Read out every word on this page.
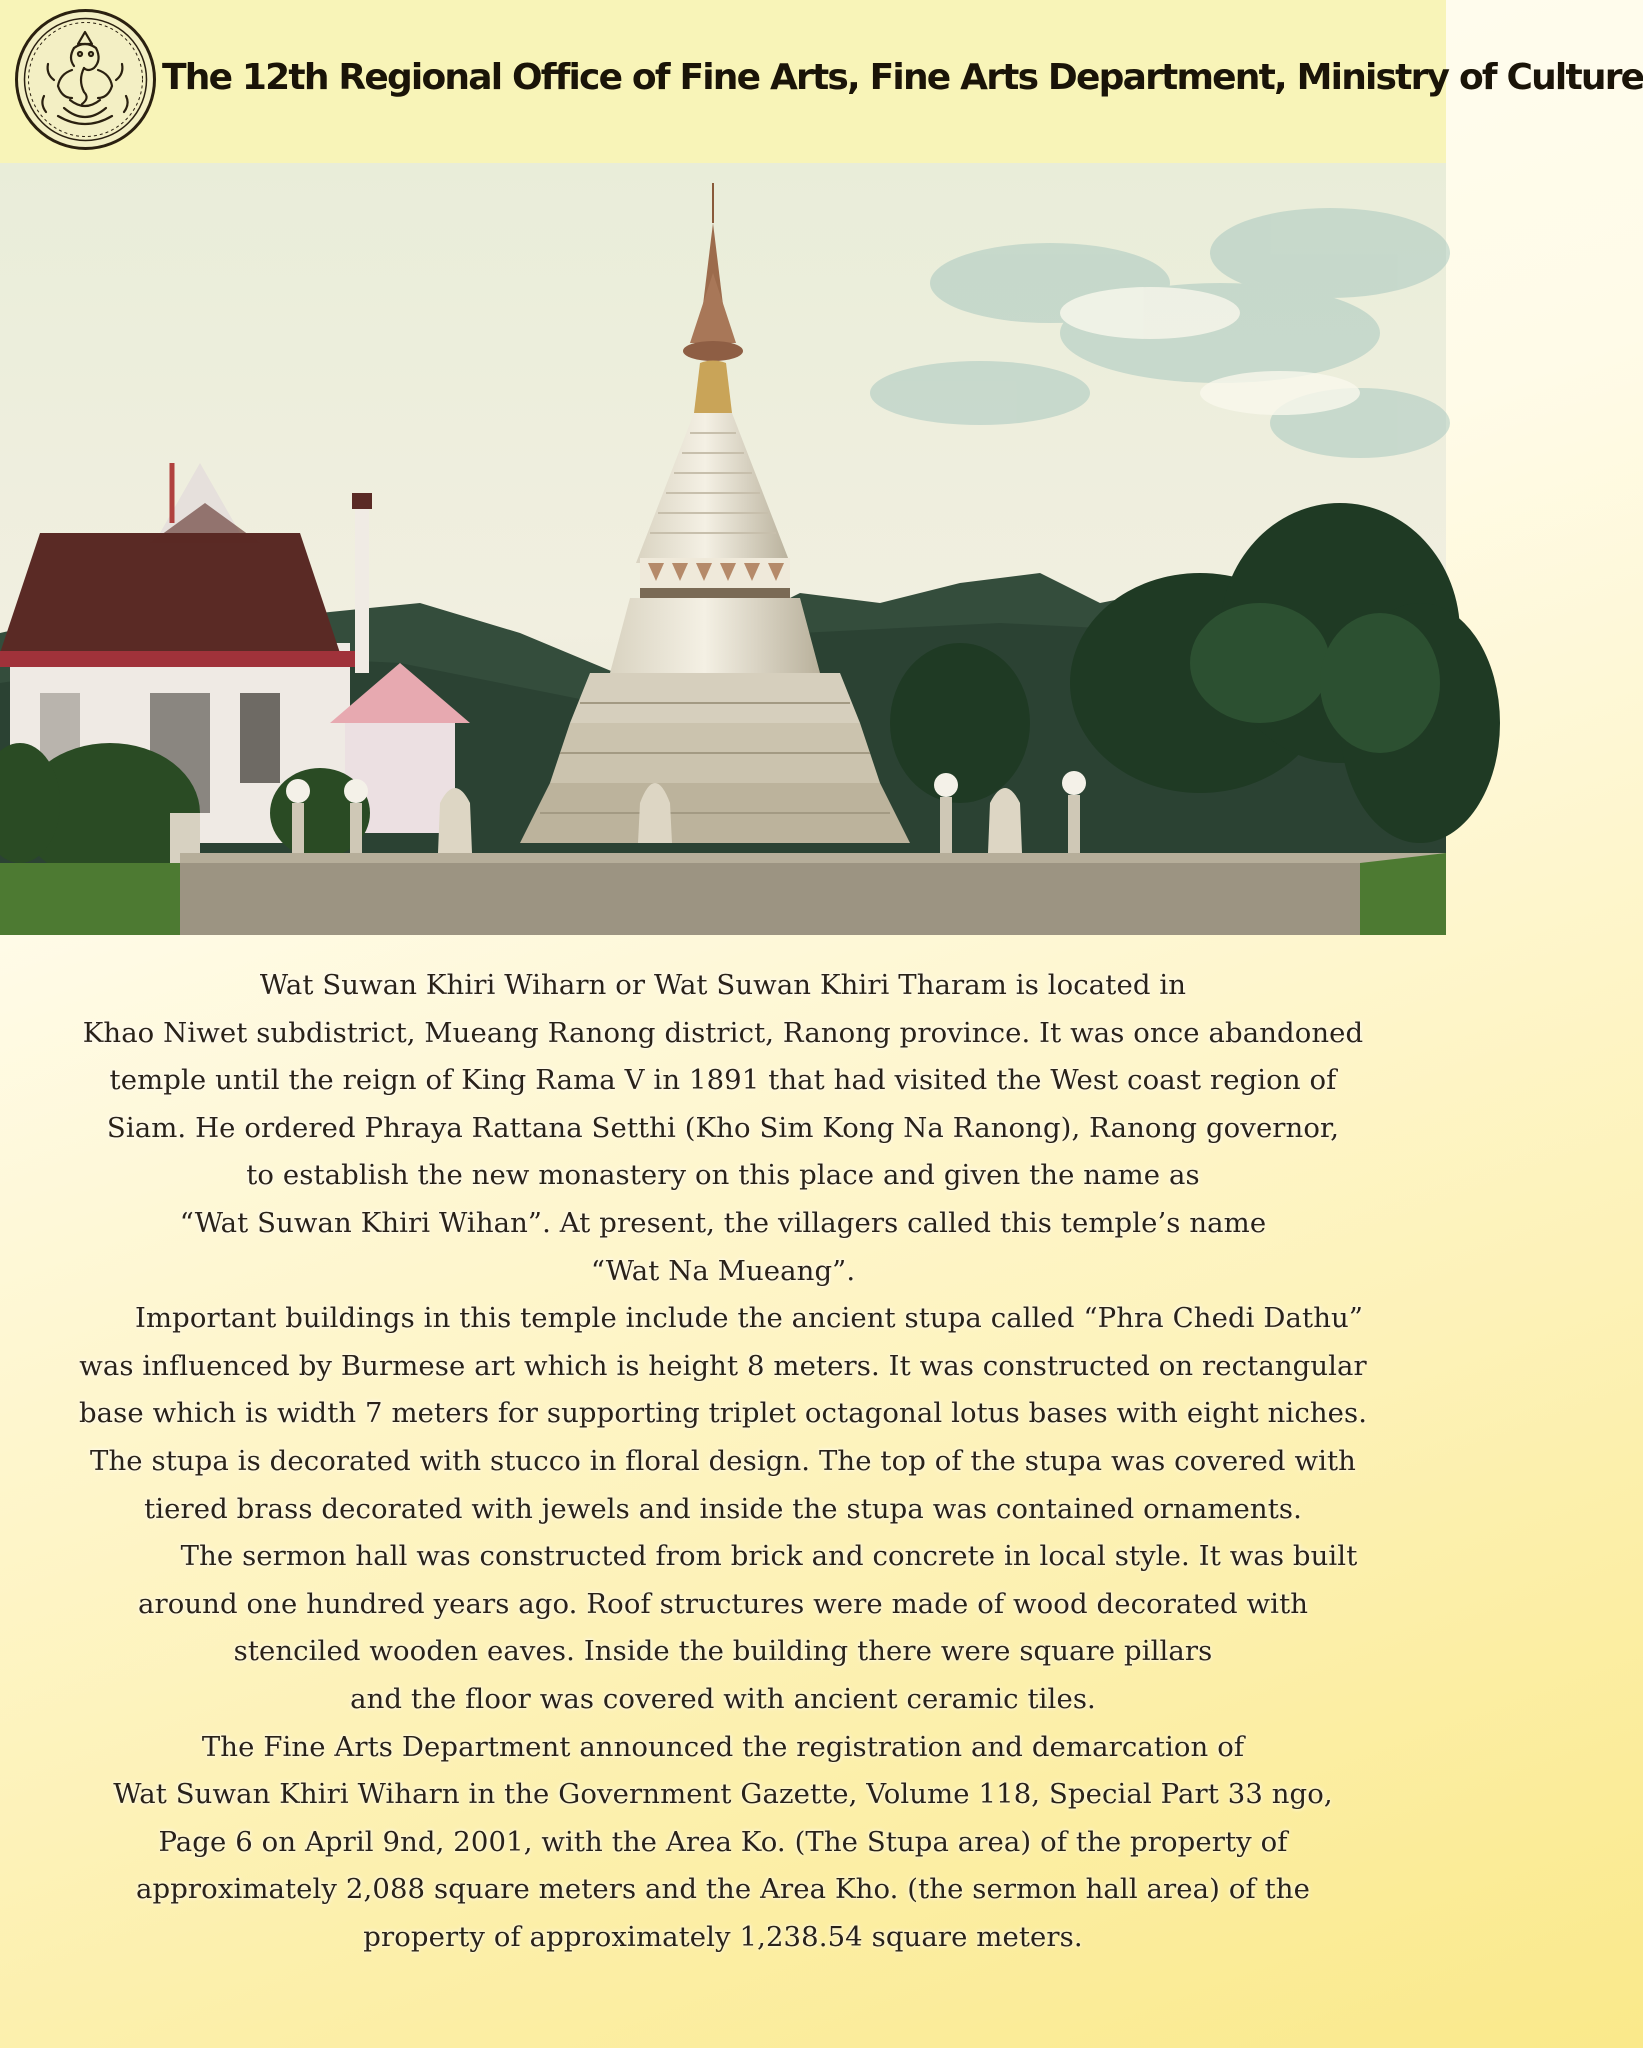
The 12th Regional Office of Fine Arts, Fine Arts Department, Ministry of Culture
Wat Suwan Khiri Wiharn or Wat Suwan Khiri Tharam is located in
Khao Niwet subdistrict, Mueang Ranong district, Ranong province. It was once abandoned
temple until the reign of King Rama V in 1891 that had visited the West coast region of
Siam. He ordered Phraya Rattana Setthi (Kho Sim Kong Na Ranong), Ranong governor,
to establish the new monastery on this place and given the name as
“Wat Suwan Khiri Wihan”. At present, the villagers called this temple’s name
“Wat Na Mueang”.
Important buildings in this temple include the ancient stupa called “Phra Chedi Dathu”
was influenced by Burmese art which is height 8 meters. It was constructed on rectangular
base which is width 7 meters for supporting triplet octagonal lotus bases with eight niches.
The stupa is decorated with stucco in floral design. The top of the stupa was covered with
tiered brass decorated with jewels and inside the stupa was contained ornaments.
The sermon hall was constructed from brick and concrete in local style. It was built
around one hundred years ago. Roof structures were made of wood decorated with
stenciled wooden eaves. Inside the building there were square pillars
and the floor was covered with ancient ceramic tiles.
The Fine Arts Department announced the registration and demarcation of
Wat Suwan Khiri Wiharn in the Government Gazette, Volume 118, Special Part 33 ngo,
Page 6 on April 9nd, 2001, with the Area Ko. (The Stupa area) of the property of
approximately 2,088 square meters and the Area Kho. (the sermon hall area) of the
property of approximately 1,238.54 square meters.
